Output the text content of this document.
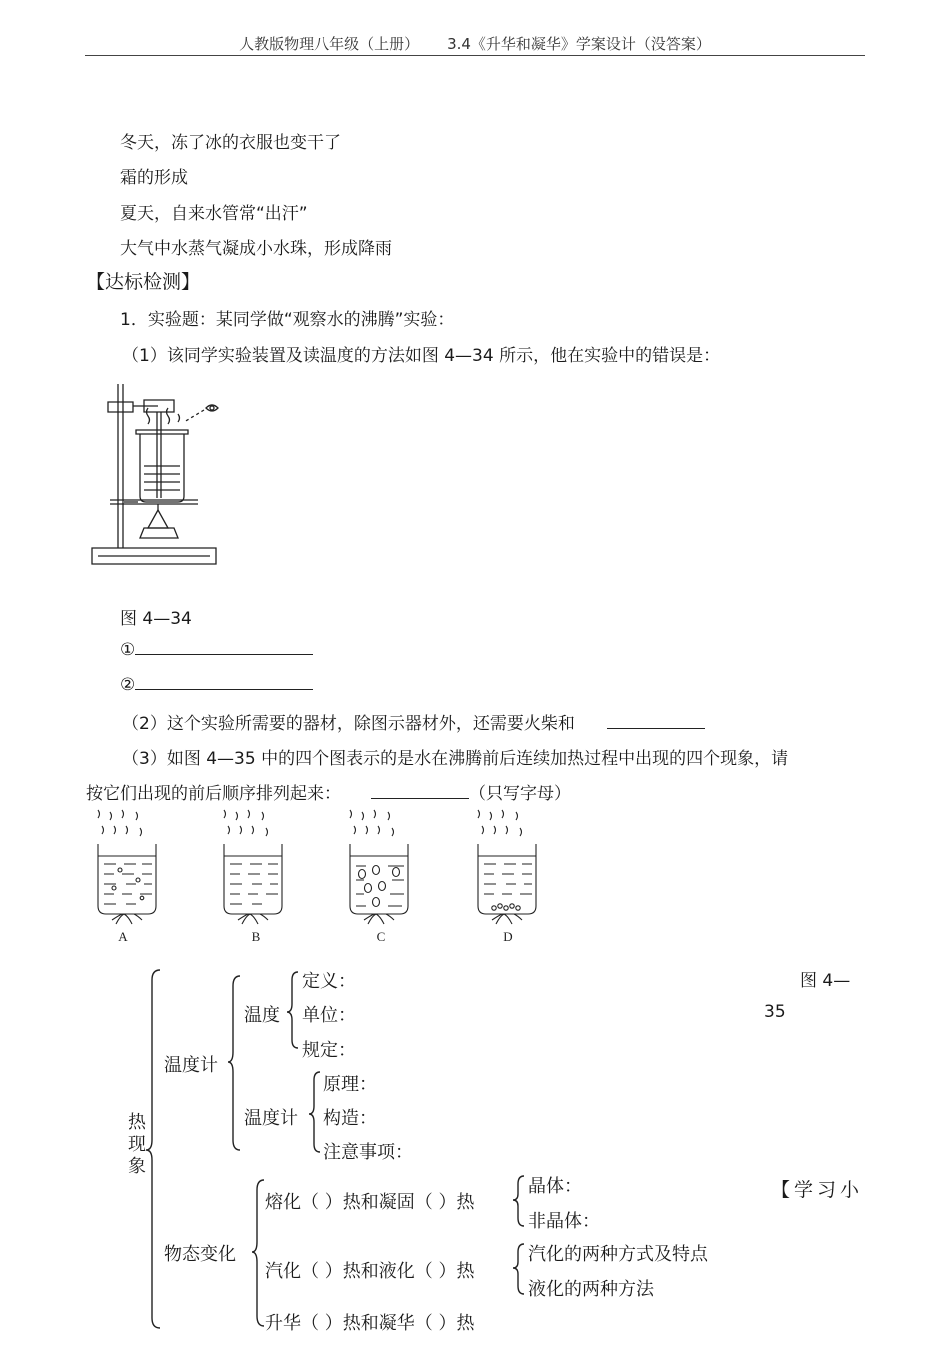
人教版物理八年级（上册） 3.4《升华和凝华》学案设计（没答案）
冬天，冻了冰的衣服也变干了
霜的形成
夏天，自来水管常“出汗”
大气中水蒸气凝成小水珠，形成降雨
【达标检测】
1．实验题：某同学做“观察水的沸腾”实验：
（1）该同学实验装置及读温度的方法如图 4—34 所示，他在实验中的错误是：
图 4—34
①
②
（2）这个实验所需要的器材，除图示器材外，还需要火柴和
（3）如图 4—35 中的四个图表示的是水在沸腾前后连续加热过程中出现的四个现象，请
按它们出现的前后顺序排列起来：	（只写字母）
A	B	C	D
图 4—
35
【学习小
热
现
象
温度计
温度
定义：
单位：
规定：
温度计
原理：
构造：
注意事项：
物态变化
熔化（ ）热和凝固（ ）热
晶体：
非晶体：
汽化（ ）热和液化（ ）热
汽化的两种方式及特点
液化的两种方法
升华（ ）热和凝华（ ）热
